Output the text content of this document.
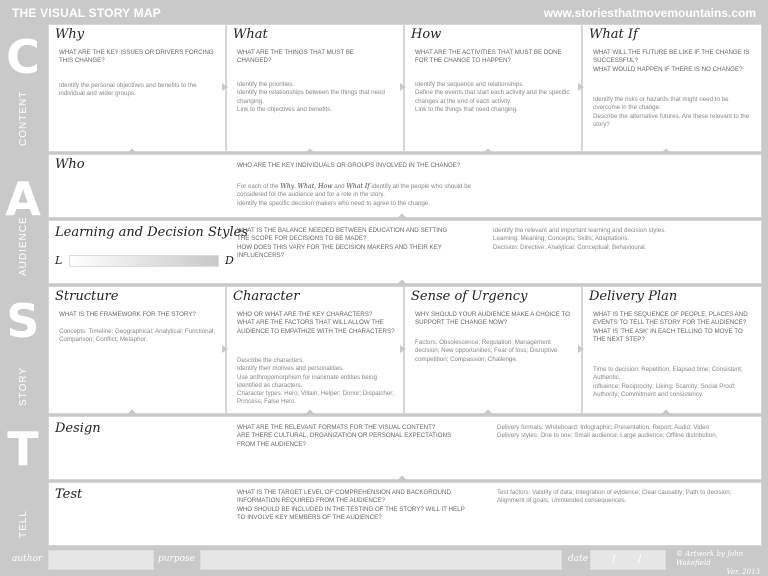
THE VISUAL STORY MAP	www.storiesthatmovemountains.com
C
CONTENT
A
AUDIENCE
S
STORY
T
TELL
Why
WHAT ARE THE KEY ISSUES OR DRIVERS FORCING THIS CHANGE?
Identify the personal objectives and benefits to the individual and wider groups.
What
WHAT ARE THE THINGS THAT MUST BE CHANGED?
Identify the priorities.
Identify the relationships between the things that need changing.
Link to the objectives and benefits.
How
WHAT ARE THE ACTIVITIES THAT MUST BE DONE FOR THE CHANGE TO HAPPEN?
Identify the sequence and relationships.
Define the events that start each activity and the specific changes at the end of each activity.
Link to the things that need changing.
What If
WHAT WILL THE FUTURE BE LIKE IF THE CHANGE IS SUCCESSFUL?
WHAT WOULD HAPPEN IF THERE IS NO CHANGE?
Identify the risks or hazards that might need to be overcome in the change.
Describe the alternative futures. Are these relevant to the story?
Who	WHO ARE THE KEY INDIVIDUALS OR GROUPS INVOLVED IN THE CHANGE?
For each of the Why, What, How and What If identify all the people who should be considered for the audience and for a role in the story.
Identify the specific decision makers who need to agree to the change.
Learning and Decision Styles
L	D
WHAT IS THE BALANCE NEEDED BETWEEN EDUCATION AND SETTING THE SCOPE FOR DECISIONS TO BE MADE?
HOW DOES THIS VARY FOR THE DECISION MAKERS AND THEIR KEY INFLUENCERS?
Identify the relevant and important learning and decision styles.
Learning: Meaning; Concepts; Skills; Adaptations.
Decision: Directive; Analytical; Conceptual; Behavioural.
Structure
WHAT IS THE FRAMEWORK FOR THE STORY?
Concepts: Timeline; Geographical; Analytical; Functional; Comparison; Conflict; Metaphor.
Character
WHO OR WHAT ARE THE KEY CHARACTERS?
WHAT ARE THE FACTORS THAT WILL ALLOW THE AUDIENCE TO EMPATHIZE WITH THE CHARACTERS?
Describe the characters.
Identify their motives and personalities.
Use anthropomorphism for inanimate entities being identified as characters.
Character types: Hero; Villain; Helper; Donor; Dispatcher; Princess; False Hero.
Sense of Urgency
WHY SHOULD YOUR AUDIENCE MAKE A CHOICE TO SUPPORT THE CHANGE NOW?
Factors: Obsolescence; Regulation; Management decision; New opportunities; Fear of loss; Disruptive competition; Compassion; Challenge.
Delivery Plan
WHAT IS THE SEQUENCE OF PEOPLE, PLACES AND EVENTS TO TELL THE STORY FOR THE AUDIENCE?
WHAT IS 'THE ASK' IN EACH TELLING TO MOVE TO THE NEXT STEP?
Time to decision: Repetition; Elapsed time; Consistent; Authentic.
Influence: Reciprocity; Liking; Scarcity; Social Proof; Authority; Commitment and consistency.
Design	WHAT ARE THE RELEVANT FORMATS FOR THE VISUAL CONTENT?
ARE THERE CULTURAL, ORGANIZATION OR PERSONAL EXPECTATIONS FROM THE AUDIENCE?
Delivery formats: Whiteboard; Infographic; Presentation; Report; Audio; Video
Delivery styles: One to one; Small audience; Large audience; Offline distribution.
Test	WHAT IS THE TARGET LEVEL OF COMPREHENSION AND BACKGROUND INFORMATION REQUIRED FROM THE AUDIENCE?
WHO SHOULD BE INCLUDED IN THE TESTING OF THE STORY? WILL IT HELP TO INVOLVE KEY MEMBERS OF THE AUDIENCE?
Test factors: Validity of data; Integration of evidence; Clear causality; Path to decision; Alignment of goals; Unintended consequences.
author	purpose	date / /	© Artwork by John Wakefield
Ver. 2013
